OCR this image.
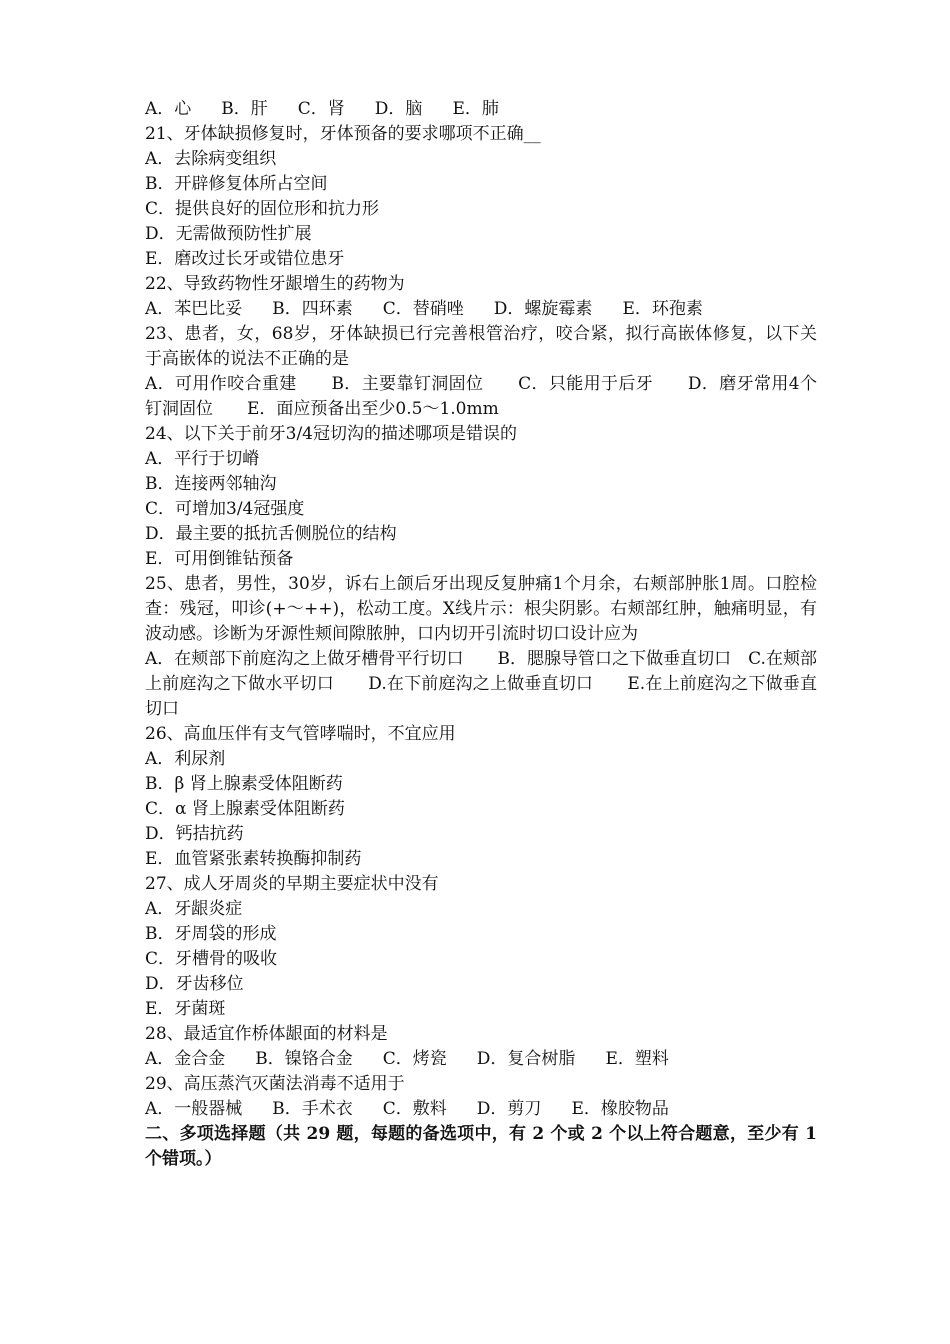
A．心 B．肝 C．肾 D．脑 E．肺
21、牙体缺损修复时，牙体预备的要求哪项不正确__
A．去除病变组织
B．开辟修复体所占空间
C．提供良好的固位形和抗力形
D．无需做预防性扩展
E．磨改过长牙或错位患牙
22、导致药物性牙龈增生的药物为
A．苯巴比妥 B．四环素 C．替硝唑 D．螺旋霉素 E．环孢素
23、患者，女，68岁，牙体缺损已行完善根管治疗，咬合紧，拟行高嵌体修复，以下关于高嵌体的说法不正确的是
A．可用作咬合重建　　B．主要靠钉洞固位　　C．只能用于后牙　　D．磨牙常用4个钉洞固位　　E．面应预备出至少0.5～1.0mm
24、以下关于前牙3/4冠切沟的描述哪项是错误的
A．平行于切嵴
B．连接两邻轴沟
C．可增加3/4冠强度
D．最主要的抵抗舌侧脱位的结构
E．可用倒锥钻预备
25、患者，男性，30岁，诉右上颌后牙出现反复肿痛1个月余，右颊部肿胀1周。口腔检查：残冠，叩诊(+～++)，松动工度。X线片示：根尖阴影。右颊部红肿，触痛明显，有波动感。诊断为牙源性颊间隙脓肿，口内切开引流时切口设计应为
A．在颊部下前庭沟之上做牙槽骨平行切口　　B．腮腺导管口之下做垂直切口　C.在颊部上前庭沟之下做水平切口　　D.在下前庭沟之上做垂直切口　　E.在上前庭沟之下做垂直切口
26、高血压伴有支气管哮喘时，不宜应用
A．利尿剂
B．β 肾上腺素受体阻断药
C．α 肾上腺素受体阻断药
D．钙拮抗药
E．血管紧张素转换酶抑制药
27、成人牙周炎的早期主要症状中没有
A．牙龈炎症
B．牙周袋的形成
C．牙槽骨的吸收
D．牙齿移位
E．牙菌斑
28、最适宜作桥体龈面的材料是
A．金合金 B．镍铬合金 C．烤瓷 D．复合树脂 E．塑料
29、高压蒸汽灭菌法消毒不适用于
A．一般器械 B．手术衣 C．敷料 D．剪刀 E．橡胶物品
二、多项选择题（共 29 题，每题的备选项中，有 2 个或 2 个以上符合题意，至少有 1 个错项。）
